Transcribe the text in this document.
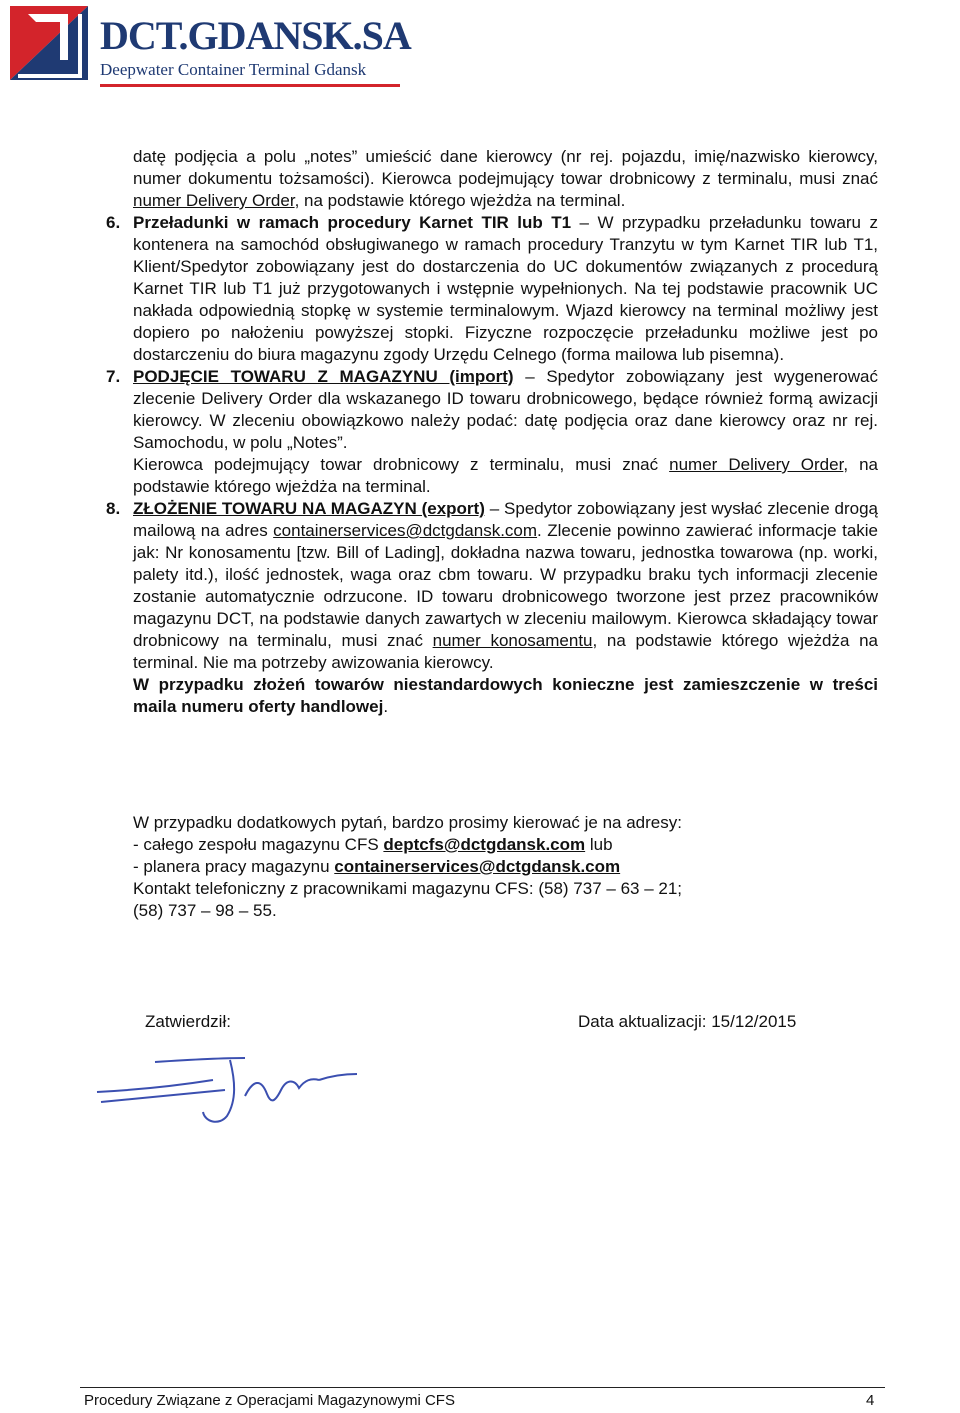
DCT.GDANSK.SA
Deepwater Container Terminal Gdansk

datę podjęcia a polu „notes” umieścić dane kierowcy (nr rej. pojazdu, imię/nazwisko kierowcy, numer dokumentu tożsamości). Kierowca podejmujący towar drobnicowy z terminalu, musi znać numer Delivery Order, na podstawie którego wjeżdża na terminal.

6. Przeładunki w ramach procedury Karnet TIR lub T1 – W przypadku przeładunku towaru z kontenera na samochód obsługiwanego w ramach procedury Tranzytu w tym Karnet TIR lub T1, Klient/Spedytor zobowiązany jest do dostarczenia do UC dokumentów związanych z procedurą Karnet TIR lub T1 już przygotowanych i wstępnie wypełnionych. Na tej podstawie pracownik UC nakłada odpowiednią stopkę w systemie terminalowym. Wjazd kierowcy na terminal możliwy jest dopiero po nałożeniu powyższej stopki. Fizyczne rozpoczęcie przeładunku możliwe jest po dostarczeniu do biura magazynu zgody Urzędu Celnego (forma mailowa lub pisemna).

7. PODJĘCIE TOWARU Z MAGAZYNU (import) – Spedytor zobowiązany jest wygenerować zlecenie Delivery Order dla wskazanego ID towaru drobnicowego, będące również formą awizacji kierowcy. W zleceniu obowiązkowo należy podać: datę podjęcia oraz dane kierowcy oraz nr rej. Samochodu, w polu „Notes”.

Kierowca podejmujący towar drobnicowy z terminalu, musi znać numer Delivery Order, na podstawie którego wjeżdża na terminal.

8. ZŁOŻENIE TOWARU NA MAGAZYN (export) – Spedytor zobowiązany jest wysłać zlecenie drogą mailową na adres containerservices@dctgdansk.com. Zlecenie powinno zawierać informacje takie jak: Nr konosamentu [tzw. Bill of Lading], dokładna nazwa towaru, jednostka towarowa (np. worki, palety itd.), ilość jednostek, waga oraz cbm towaru. W przypadku braku tych informacji zlecenie zostanie automatycznie odrzucone. ID towaru drobnicowego tworzone jest przez pracowników magazynu DCT, na podstawie danych zawartych w zleceniu mailowym. Kierowca składający towar drobnicowy na terminalu, musi znać numer konosamentu, na podstawie którego wjeżdża na terminal. Nie ma potrzeby awizowania kierowcy.

W przypadku złożeń towarów niestandardowych konieczne jest zamieszczenie w treści maila numeru oferty handlowej.

W przypadku dodatkowych pytań, bardzo prosimy kierować je na adresy:
- całego zespołu magazynu CFS deptcfs@dctgdansk.com lub
- planera pracy magazynu containerservices@dctgdansk.com
Kontakt telefoniczny z pracownikami magazynu CFS: (58) 737 – 63 – 21;
(58) 737 – 98 – 55.
Zatwierdził:	Data aktualizacji: 15/12/2015
Procedury Związane z Operacjami Magazynowymi CFS	4
